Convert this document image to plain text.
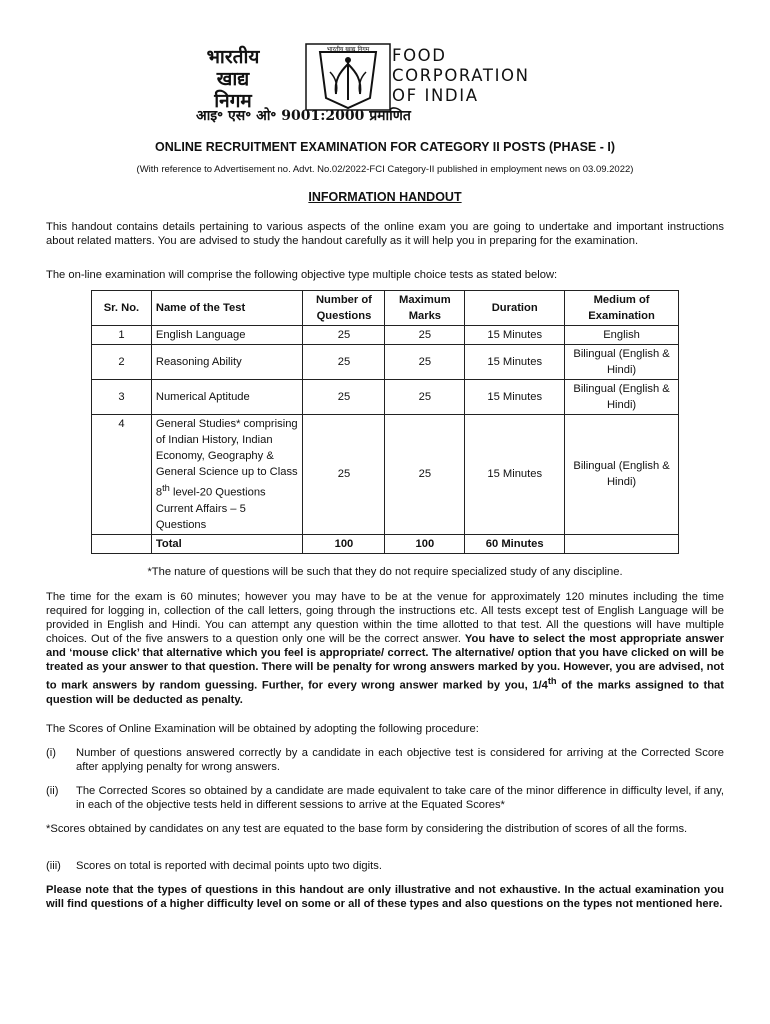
भारतीय
खाद्य
निगम
भारतीय खाद्य निगम FOOD
CORPORATION
OF INDIA
आइ॰ एस॰ ओ॰ 9001:2000 प्रमाणित
ONLINE RECRUITMENT EXAMINATION FOR CATEGORY II POSTS (PHASE - I)
(With reference to Advertisement no. Advt. No.02/2022-FCI Category-II published in employment news on 03.09.2022)
INFORMATION HANDOUT
This handout contains details pertaining to various aspects of the online exam you are going to undertake and important instructions about related matters. You are advised to study the handout carefully as it will help you in preparing for the examination.
The on-line examination will comprise the following objective type multiple choice tests as stated below:
Sr. No.	Name of the Test	Number of Questions	Maximum Marks	Duration	Medium of Examination
1	English Language	25	25	15 Minutes	English
2	Reasoning Ability	25	25	15 Minutes	Bilingual (English & Hindi)
3	Numerical Aptitude	25	25	15 Minutes	Bilingual (English & Hindi)
4	General Studies* comprising of Indian History, Indian Economy, Geography & General Science up to Class 8th level-20 Questions Current Affairs – 5 Questions	25	25	15 Minutes	Bilingual (English & Hindi)
	Total	100	100	60 Minutes	
*The nature of questions will be such that they do not require specialized study of any discipline.
The time for the exam is 60 minutes; however you may have to be at the venue for approximately 120 minutes including the time required for logging in, collection of the call letters, going through the instructions etc. All tests except test of English Language will be provided in English and Hindi. You can attempt any question within the time allotted to that test. All the questions will have multiple choices. Out of the five answers to a question only one will be the correct answer. You have to select the most appropriate answer and ‘mouse click’ that alternative which you feel is appropriate/ correct. The alternative/ option that you have clicked on will be treated as your answer to that question. There will be penalty for wrong answers marked by you. However, you are advised, not to mark answers by random guessing. Further, for every wrong answer marked by you, 1/4th of the marks assigned to that question will be deducted as penalty.
The Scores of Online Examination will be obtained by adopting the following procedure:
(i)	Number of questions answered correctly by a candidate in each objective test is considered for arriving at the Corrected Score after applying penalty for wrong answers.
(ii)	The Corrected Scores so obtained by a candidate are made equivalent to take care of the minor difference in difficulty level, if any, in each of the objective tests held in different sessions to arrive at the Equated Scores*
*Scores obtained by candidates on any test are equated to the base form by considering the distribution of scores of all the forms.
(iii)	Scores on total is reported with decimal points upto two digits.
Please note that the types of questions in this handout are only illustrative and not exhaustive. In the actual examination you will find questions of a higher difficulty level on some or all of these types and also questions on the types not mentioned here.
